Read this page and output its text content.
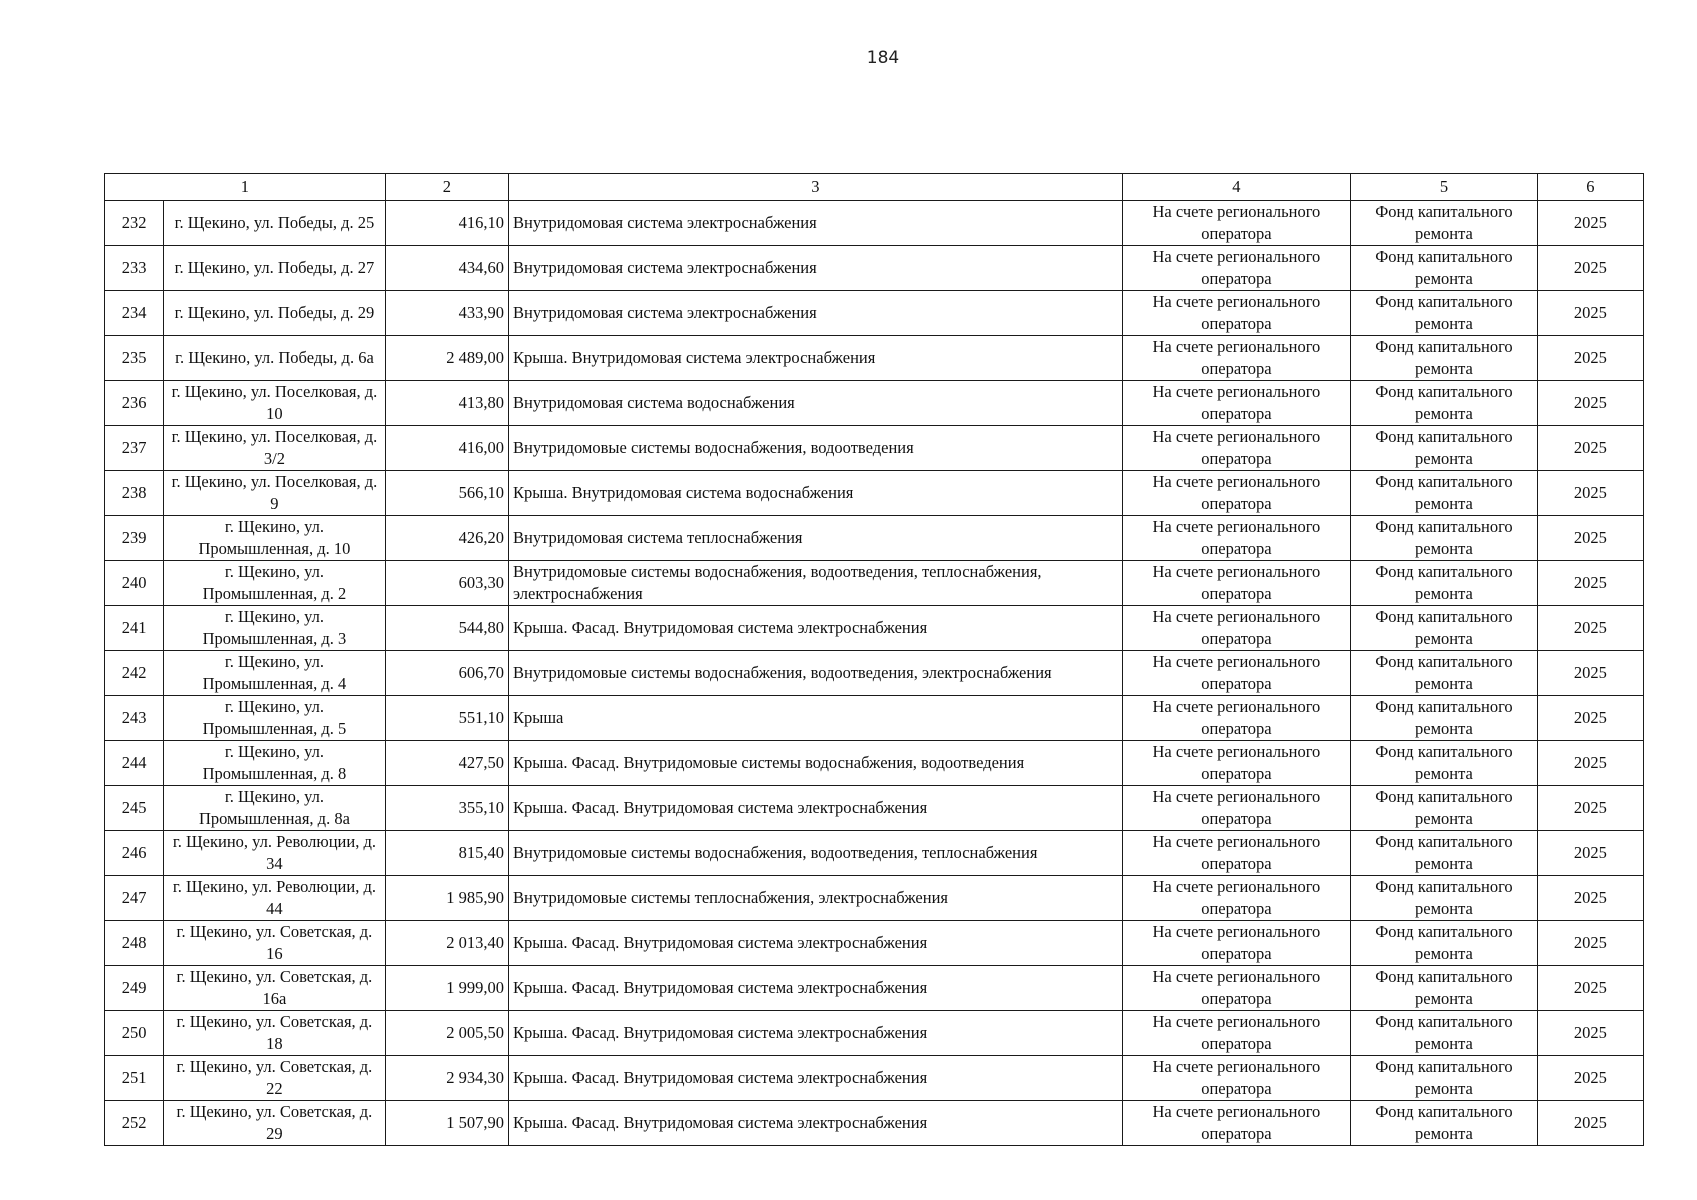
184
1		2	3	4	5	6
232	г. Щекино, ул. Победы, д. 25	416,10	Внутридомовая система электроснабжения	На счете регионального оператора	Фонд капитального ремонта	2025
233	г. Щекино, ул. Победы, д. 27	434,60	Внутридомовая система электроснабжения	На счете регионального оператора	Фонд капитального ремонта	2025
234	г. Щекино, ул. Победы, д. 29	433,90	Внутридомовая система электроснабжения	На счете регионального оператора	Фонд капитального ремонта	2025
235	г. Щекино, ул. Победы, д. 6а	2 489,00	Крыша. Внутридомовая система электроснабжения	На счете регионального оператора	Фонд капитального ремонта	2025
236	г. Щекино, ул. Поселковая, д. 10	413,80	Внутридомовая система водоснабжения	На счете регионального оператора	Фонд капитального ремонта	2025
237	г. Щекино, ул. Поселковая, д. 3/2	416,00	Внутридомовые системы водоснабжения, водоотведения	На счете регионального оператора	Фонд капитального ремонта	2025
238	г. Щекино, ул. Поселковая, д. 9	566,10	Крыша. Внутридомовая система водоснабжения	На счете регионального оператора	Фонд капитального ремонта	2025
239	г. Щекино, ул. Промышленная, д. 10	426,20	Внутридомовая система теплоснабжения	На счете регионального оператора	Фонд капитального ремонта	2025
240	г. Щекино, ул. Промышленная, д. 2	603,30	Внутридомовые системы водоснабжения, водоотведения, теплоснабжения, электроснабжения	На счете регионального оператора	Фонд капитального ремонта	2025
241	г. Щекино, ул. Промышленная, д. 3	544,80	Крыша. Фасад. Внутридомовая система электроснабжения	На счете регионального оператора	Фонд капитального ремонта	2025
242	г. Щекино, ул. Промышленная, д. 4	606,70	Внутридомовые системы водоснабжения, водоотведения, электроснабжения	На счете регионального оператора	Фонд капитального ремонта	2025
243	г. Щекино, ул. Промышленная, д. 5	551,10	Крыша	На счете регионального оператора	Фонд капитального ремонта	2025
244	г. Щекино, ул. Промышленная, д. 8	427,50	Крыша. Фасад. Внутридомовые системы водоснабжения, водоотведения	На счете регионального оператора	Фонд капитального ремонта	2025
245	г. Щекино, ул. Промышленная, д. 8а	355,10	Крыша. Фасад. Внутридомовая система электроснабжения	На счете регионального оператора	Фонд капитального ремонта	2025
246	г. Щекино, ул. Революции, д. 34	815,40	Внутридомовые системы водоснабжения, водоотведения, теплоснабжения	На счете регионального оператора	Фонд капитального ремонта	2025
247	г. Щекино, ул. Революции, д. 44	1 985,90	Внутридомовые системы теплоснабжения, электроснабжения	На счете регионального оператора	Фонд капитального ремонта	2025
248	г. Щекино, ул. Советская, д. 16	2 013,40	Крыша. Фасад. Внутридомовая система электроснабжения	На счете регионального оператора	Фонд капитального ремонта	2025
249	г. Щекино, ул. Советская, д. 16а	1 999,00	Крыша. Фасад. Внутридомовая система электроснабжения	На счете регионального оператора	Фонд капитального ремонта	2025
250	г. Щекино, ул. Советская, д. 18	2 005,50	Крыша. Фасад. Внутридомовая система электроснабжения	На счете регионального оператора	Фонд капитального ремонта	2025
251	г. Щекино, ул. Советская, д. 22	2 934,30	Крыша. Фасад. Внутридомовая система электроснабжения	На счете регионального оператора	Фонд капитального ремонта	2025
252	г. Щекино, ул. Советская, д. 29	1 507,90	Крыша. Фасад. Внутридомовая система электроснабжения	На счете регионального оператора	Фонд капитального ремонта	2025
